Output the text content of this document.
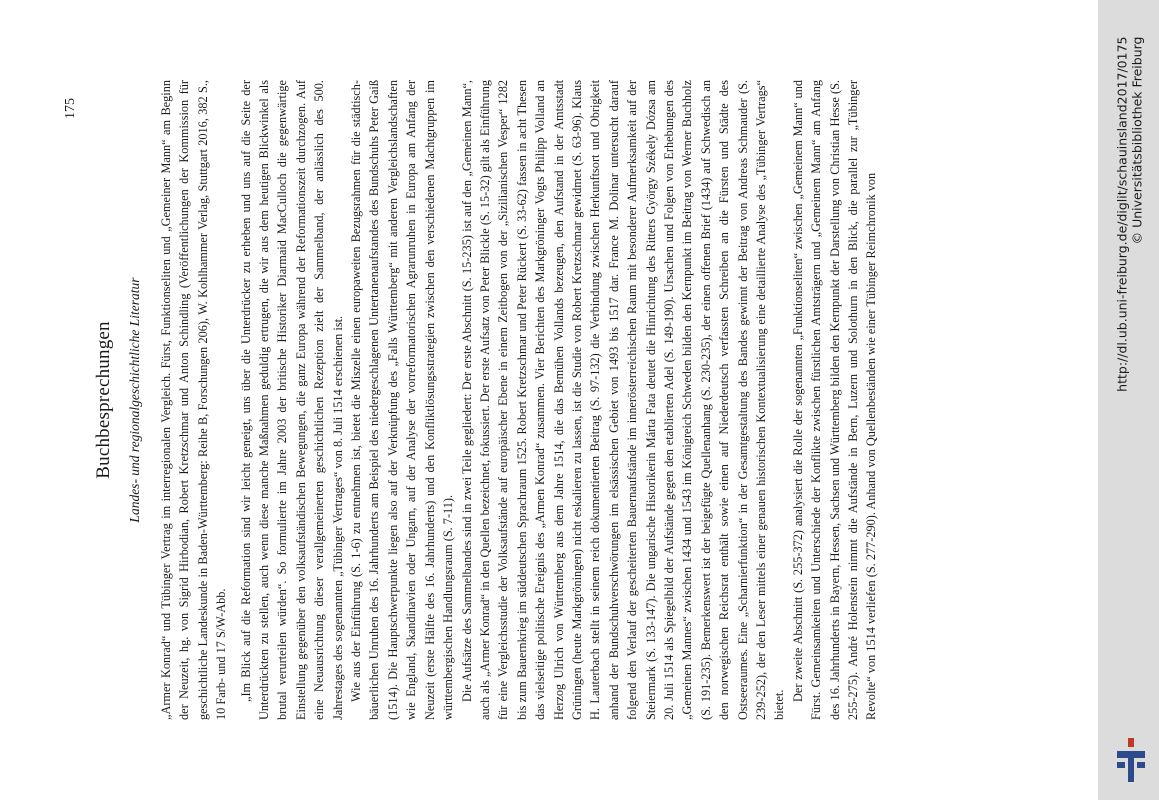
175
Buchbesprechungen Landes- und regionalgeschichtliche Literatur „Armer Konrad“ und Tübinger Vertrag im interregionalen Vergleich. Fürst, Funktionseliten und „Gemeiner Mann“ am Beginn der Neuzeit, hg. von Sigrid Hirbodian, Robert Kretzschmar und Anton Schindling (Veröffentlichungen der Kommission für geschichtliche Landeskunde in Baden-Württemberg: Reihe B, Forschungen 206), W. Kohlhammer Verlag, Stuttgart 2016, 382 S., 10 Farb- und 17 S/W-Abb. „Im Blick auf die Reformation sind wir leicht geneigt, uns über die Unterdrücker zu erheben und uns auf die Seite der Unterdrückten zu stellen, auch wenn diese manche Maßnahmen geduldig ertrugen, die wir aus dem heutigen Blickwinkel als brutal verurteilen würden“. So formulierte im Jahre 2003 der britische Historiker Diarmaid MacCulloch die gegenwärtige Einstellung gegenüber den volksaufständischen Bewegungen, die ganz Europa während der Reformationszeit durchzogen. Auf eine Neuausrichtung dieser verallgemeinerten geschichtlichen Rezeption zielt der Sammelband, der anlässlich des 500. Jahrestages des sogenannten „Tübinger Vertrages“ von 8. Juli 1514 erschienen ist. Wie aus der Einführung (S. 1-6) zu entnehmen ist, bietet die Miszelle einen europaweiten Bezugsrahmen für die städtisch-bäuerlichen Unruhen des 16. Jahrhunderts am Beispiel des niedergeschlagenen Untertanenaufstandes des Bundschuhs Peter Gaiß (1514). Die Hauptschwerpunkte liegen also auf der Verknüpfung des „Falls Württemberg“ mit anderen Vergleichslandschaften wie England, Skandinavien oder Ungarn, auf der Analyse der vorreformatorischen Agrarunruhen in Europa am Anfang der Neuzeit (erste Hälfte des 16. Jahrhunderts) und den Konfliktlösungsstrategien zwischen den verschiedenen Machtgruppen im württembergischen Handlungsraum (S. 7-11). Die Aufsätze des Sammelbandes sind in zwei Teile gegliedert: Der erste Abschnitt (S. 15-235) ist auf den „Gemeinen Mann“, auch als „Armer Konrad“ in den Quellen bezeichnet, fokussiert. Der erste Aufsatz von Peter Blickle (S. 15-32) gilt als Einführung für eine Vergleichsstudie der Volksaufstände auf europäischer Ebene in einem Zeitbogen von der „Sizilianischen Vesper“ 1282 bis zum Bauernkrieg im süddeutschen Sprachraum 1525. Robert Kretzschmar und Peter Rückert (S. 33-62) fassen in acht Thesen das vielseitige politische Ereignis des „Armen Konrad“ zusammen. Vier Berichten des Markgröninger Vogts Philipp Volland an Herzog Ulrich von Württemberg aus dem Jahre 1514, die das Bemühen Vollands bezeugen, den Aufstand in der Amtsstadt Grüningen (heute Markgröningen) nicht eskalieren zu lassen, ist die Studie von Robert Kretzschmar gewidmet (S. 63-96). Klaus H. Lauterbach stellt in seinem reich dokumentierten Beitrag (S. 97-132) die Verbindung zwischen Herkunftsort und Obrigkeit anhand der Bundschuhverschwörungen im elsässischen Gebiet von 1493 bis 1517 dar. France M. Dolinar untersucht darauf folgend den Verlauf der gescheiterten Bauernaufstände im innerösterreichischen Raum mit besonderer Aufmerksamkeit auf der Steiermark (S. 133-147). Die ungarische Historikerin Márta Fata deutet die Hinrichtung des Ritters György Székely Dózsa am 20. Juli 1514 als Spiegelbild der Aufstände gegen den etablierten Adel (S. 149-190). Ursachen und Folgen von Erhebungen des „Gemeinen Mannes“ zwischen 1434 und 1543 im Königreich Schweden bilden den Kernpunkt im Beitrag von Werner Buchholz (S. 191-235). Bemerkenswert ist der beigefügte Quellenanhang (S. 230-235), der einen offenen Brief (1434) auf Schwedisch an den norwegischen Reichsrat enthält sowie einen auf Niederdeutsch verfassten Schreiben an die Fürsten und Städte des Ostseeraumes. Eine „Scharnierfunktion“ in der Gesamtgestaltung des Bandes gewinnt der Beitrag von Andreas Schmauder (S. 239-252), der den Leser mittels einer genauen historischen Kontextualisierung eine detaillierte Analyse des „Tübinger Vertrags“ bietet.

Der zweite Abschnitt (S. 255-372) analysiert die Rolle der sogenannten „Funktionseliten“ zwischen „Gemeinem Mann“ und Fürst. Gemeinsamkeiten und Unterschiede der Konflikte zwischen fürstlichen Amtsträgern und „Gemeinem Mann“ am Anfang des 16. Jahrhunderts in Bayern, Hessen, Sachsen und Württemberg bilden den Kernpunkt der Darstellung von Christian Hesse (S. 255-275). André Holenstein nimmt die Aufstände in Bern, Luzern und Solothurn in den Blick, die parallel zur „Tübinger Revolte“ von 1514 verliefen (S. 277-290). Anhand von Quellenbeständen wie einer Tübinger Reimchronik von	http://dl.ub.uni-freiburg.de/diglit/schauinsland2017/0175 © Universitätsbibliothek Freiburg
